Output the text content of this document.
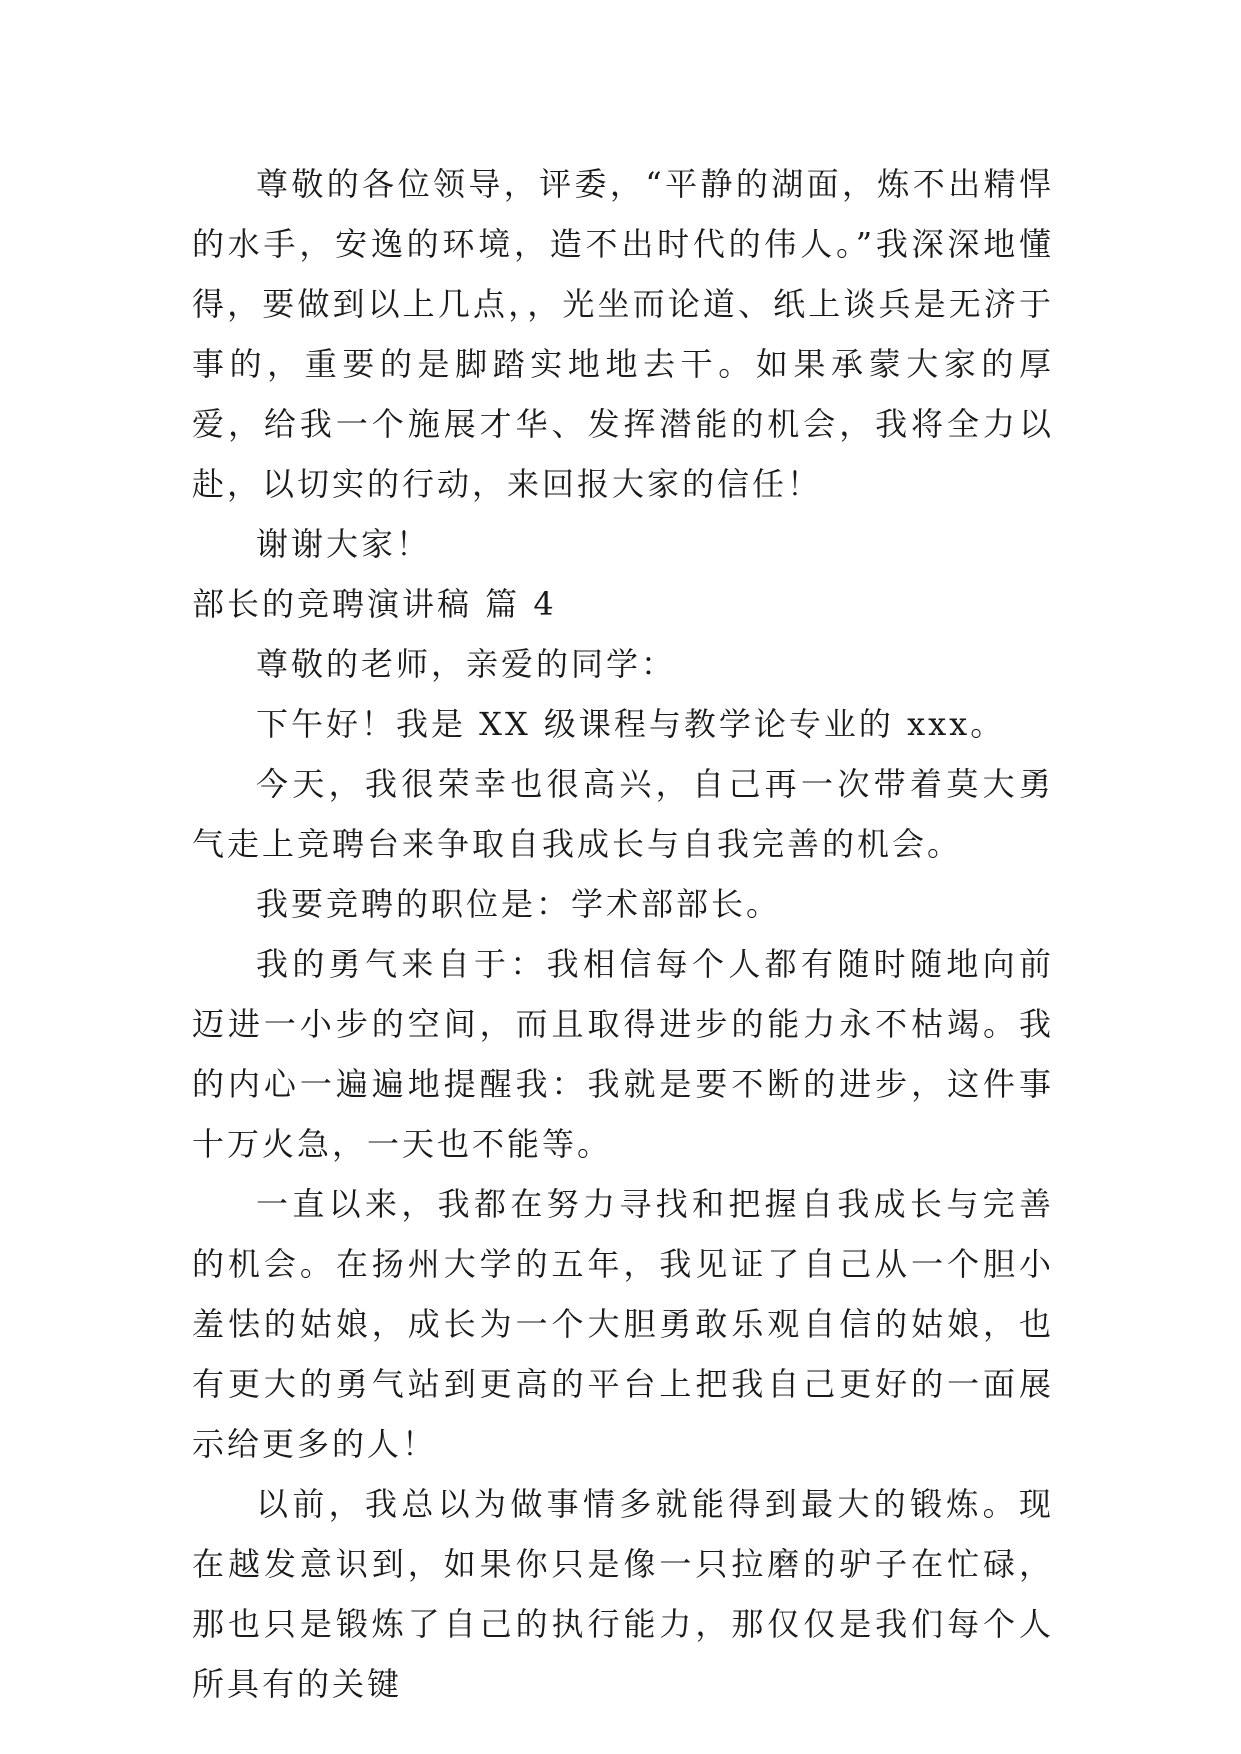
尊敬的各位领导，评委，“平静的湖面，炼不出精悍的水手，安逸的环境，造不出时代的伟人。”我深深地懂得，要做到以上几点，，光坐而论道、纸上谈兵是无济于事的，重要的是脚踏实地地去干。如果承蒙大家的厚爱，给我一个施展才华、发挥潜能的机会，我将全力以赴，以切实的行动，来回报大家的信任！

谢谢大家！

部长的竞聘演讲稿 篇 4

尊敬的老师，亲爱的同学：

下午好！我是 XX 级课程与教学论专业的 xxx。

今天，我很荣幸也很高兴，自己再一次带着莫大勇气走上竞聘台来争取自我成长与自我完善的机会。

我要竞聘的职位是：学术部部长。

我的勇气来自于：我相信每个人都有随时随地向前迈进一小步的空间，而且取得进步的能力永不枯竭。我的内心一遍遍地提醒我：我就是要不断的进步，这件事十万火急，一天也不能等。

一直以来，我都在努力寻找和把握自我成长与完善的机会。在扬州大学的五年，我见证了自己从一个胆小羞怯的姑娘，成长为一个大胆勇敢乐观自信的姑娘，也有更大的勇气站到更高的平台上把我自己更好的一面展示给更多的人！

以前，我总以为做事情多就能得到最大的锻炼。现在越发意识到，如果你只是像一只拉磨的驴子在忙碌，那也只是锻炼了自己的执行能力，那仅仅是我们每个人所具有的关键
